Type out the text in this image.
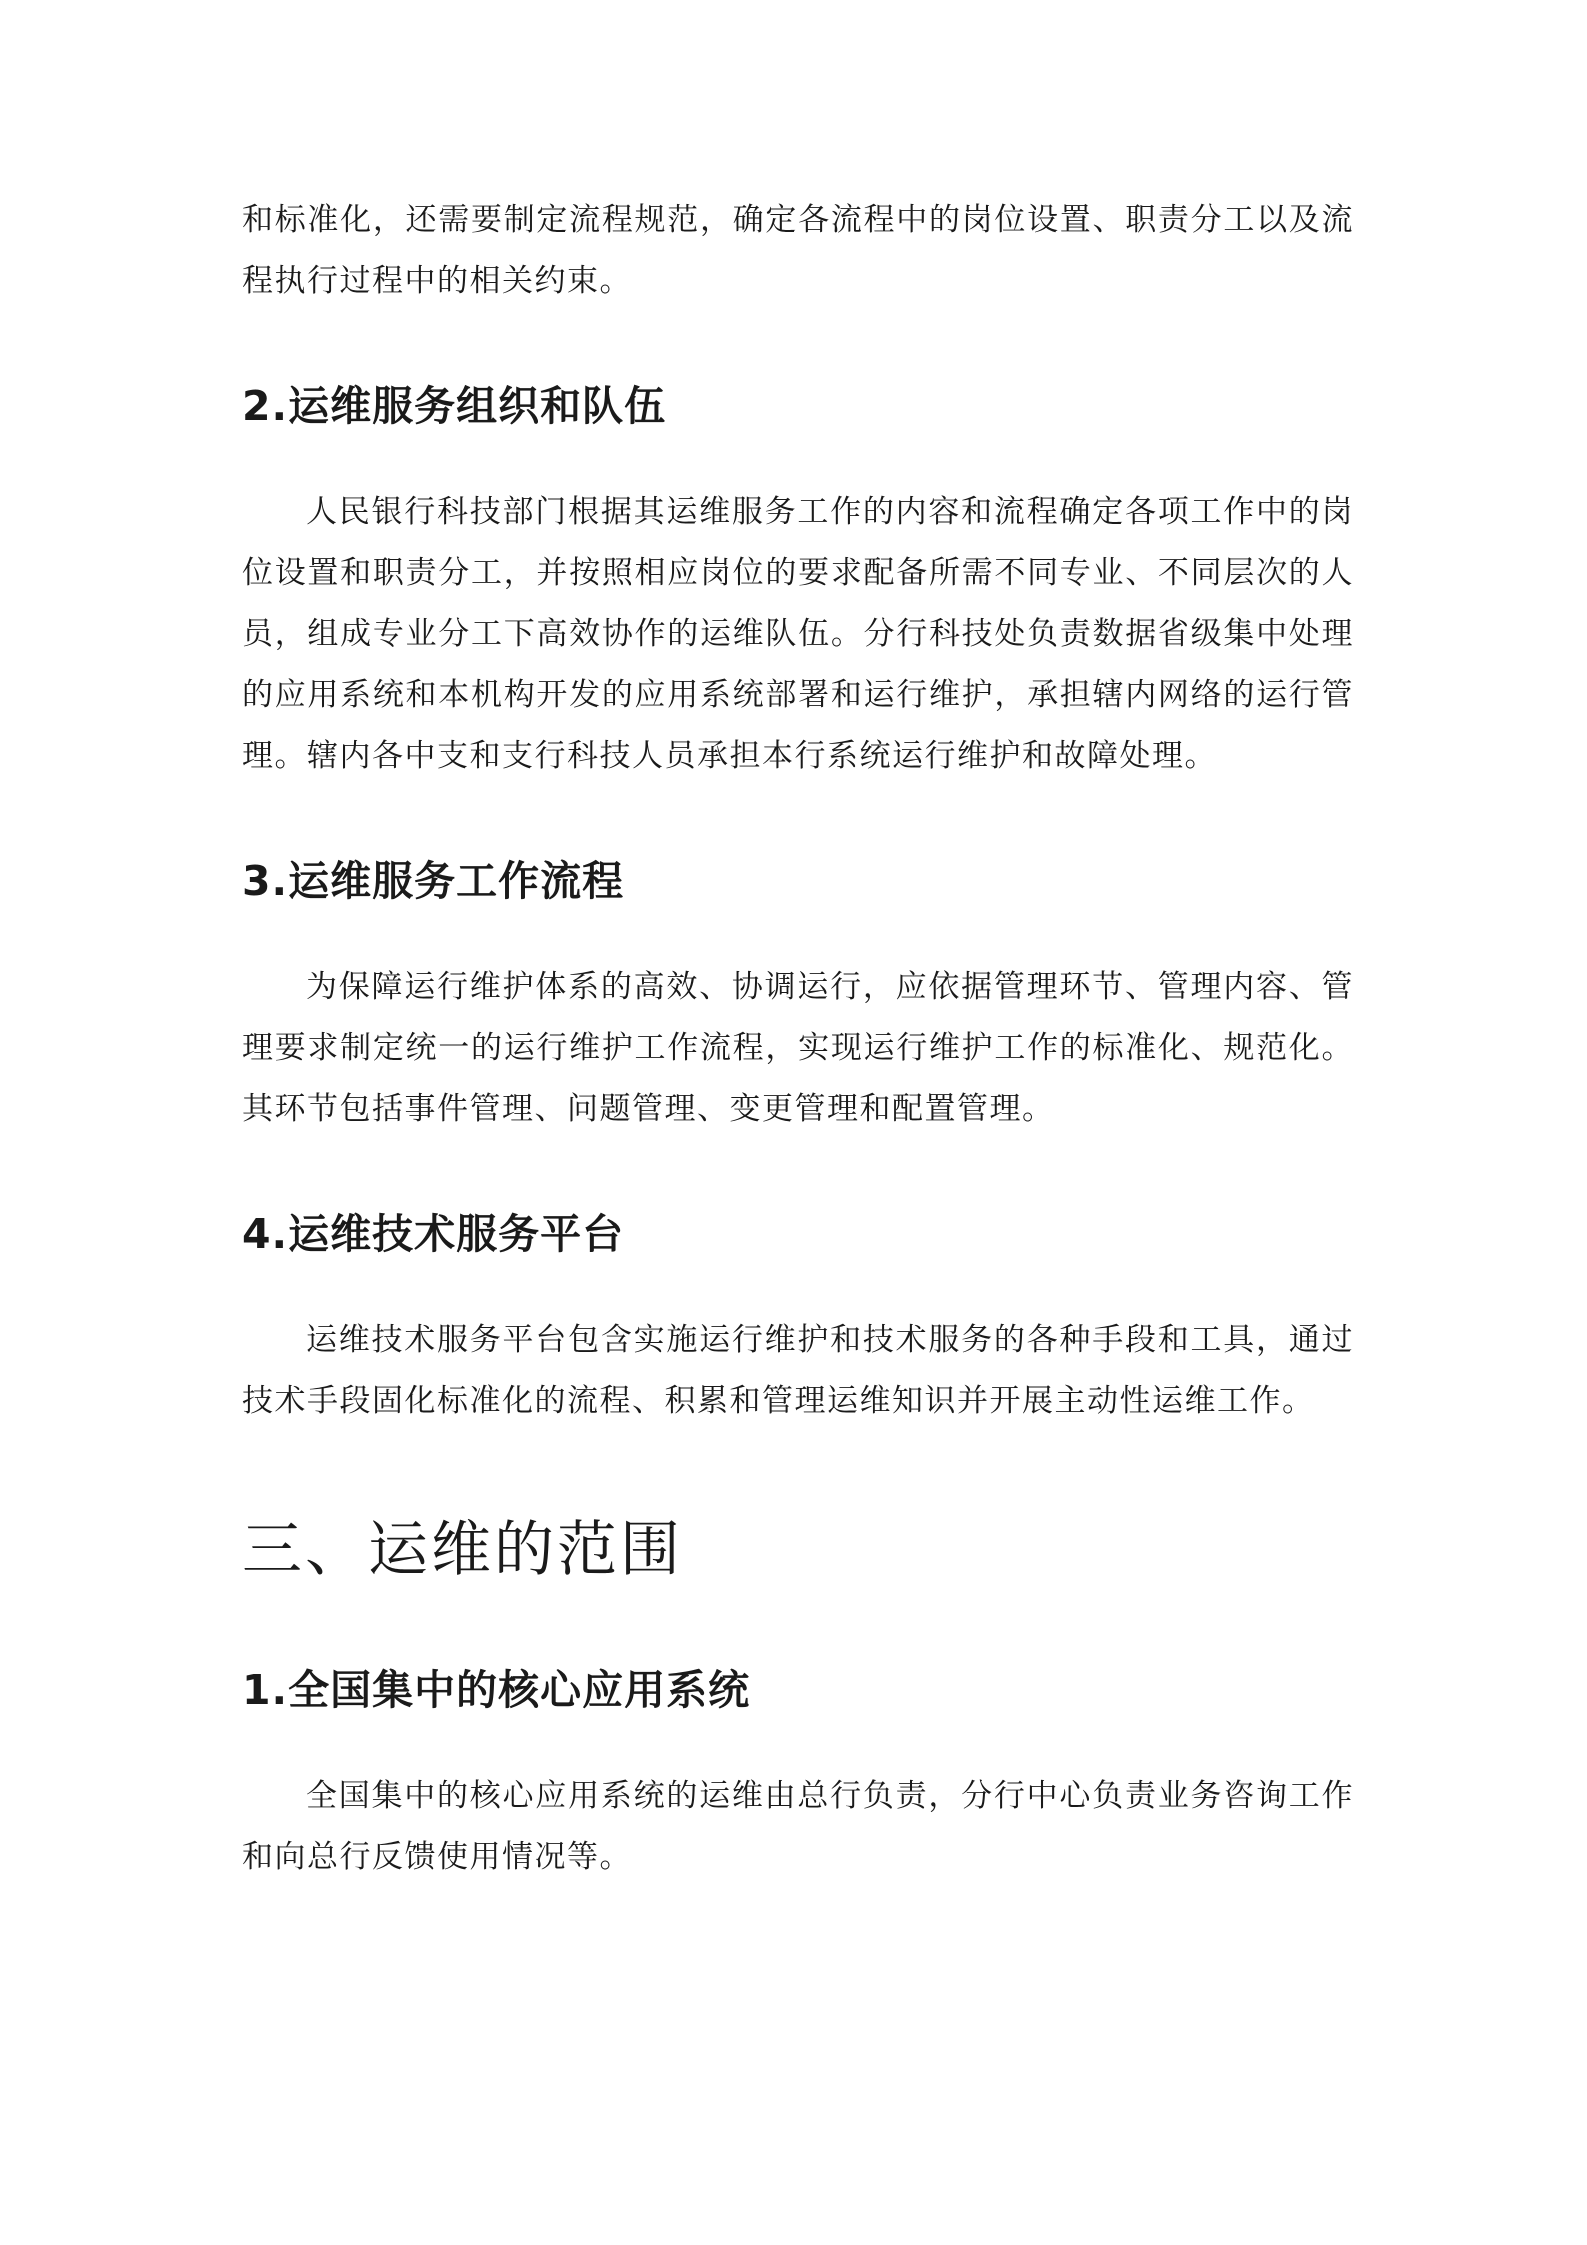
和标准化，还需要制定流程规范，确定各流程中的岗位设置、职责分工以及流程执行过程中的相关约束。

2.运维服务组织和队伍

人民银行科技部门根据其运维服务工作的内容和流程确定各项工作中的岗位设置和职责分工，并按照相应岗位的要求配备所需不同专业、不同层次的人员，组成专业分工下高效协作的运维队伍。分行科技处负责数据省级集中处理的应用系统和本机构开发的应用系统部署和运行维护，承担辖内网络的运行管理。辖内各中支和支行科技人员承担本行系统运行维护和故障处理。

3.运维服务工作流程

为保障运行维护体系的高效、协调运行，应依据管理环节、管理内容、管理要求制定统一的运行维护工作流程，实现运行维护工作的标准化、规范化。其环节包括事件管理、问题管理、变更管理和配置管理。

4.运维技术服务平台

运维技术服务平台包含实施运行维护和技术服务的各种手段和工具，通过技术手段固化标准化的流程、积累和管理运维知识并开展主动性运维工作。

三、运维的范围
1.全国集中的核心应用系统

全国集中的核心应用系统的运维由总行负责，分行中心负责业务咨询工作和向总行反馈使用情况等。
